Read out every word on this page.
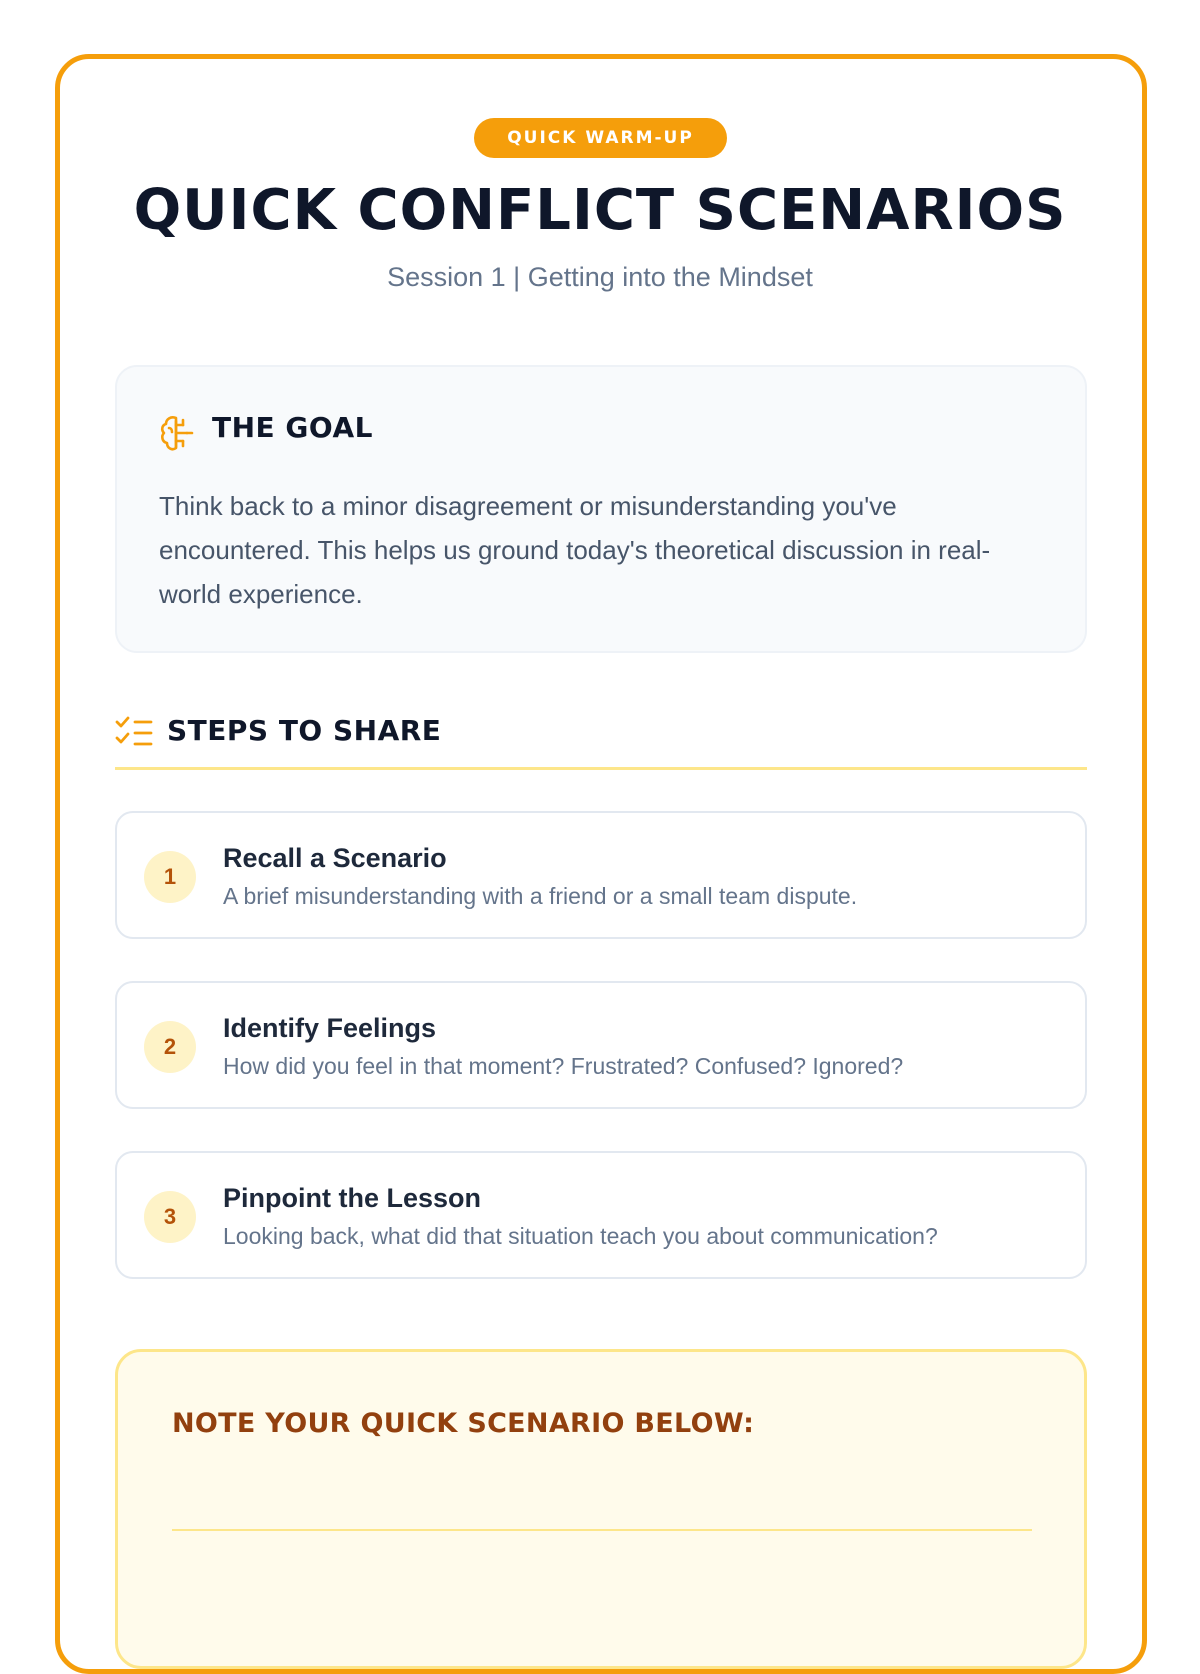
QUICK WARM-UP
QUICK CONFLICT SCENARIOS
Session 1 | Getting into the Mindset
THE GOAL
Think back to a minor disagreement or misunderstanding you've encountered. This helps us ground today's theoretical discussion in real-world experience.
STEPS TO SHARE
1
Recall a Scenario
A brief misunderstanding with a friend or a small team dispute.
2
Identify Feelings
How did you feel in that moment? Frustrated? Confused? Ignored?
3
Pinpoint the Lesson
Looking back, what did that situation teach you about communication?
NOTE YOUR QUICK SCENARIO BELOW:
